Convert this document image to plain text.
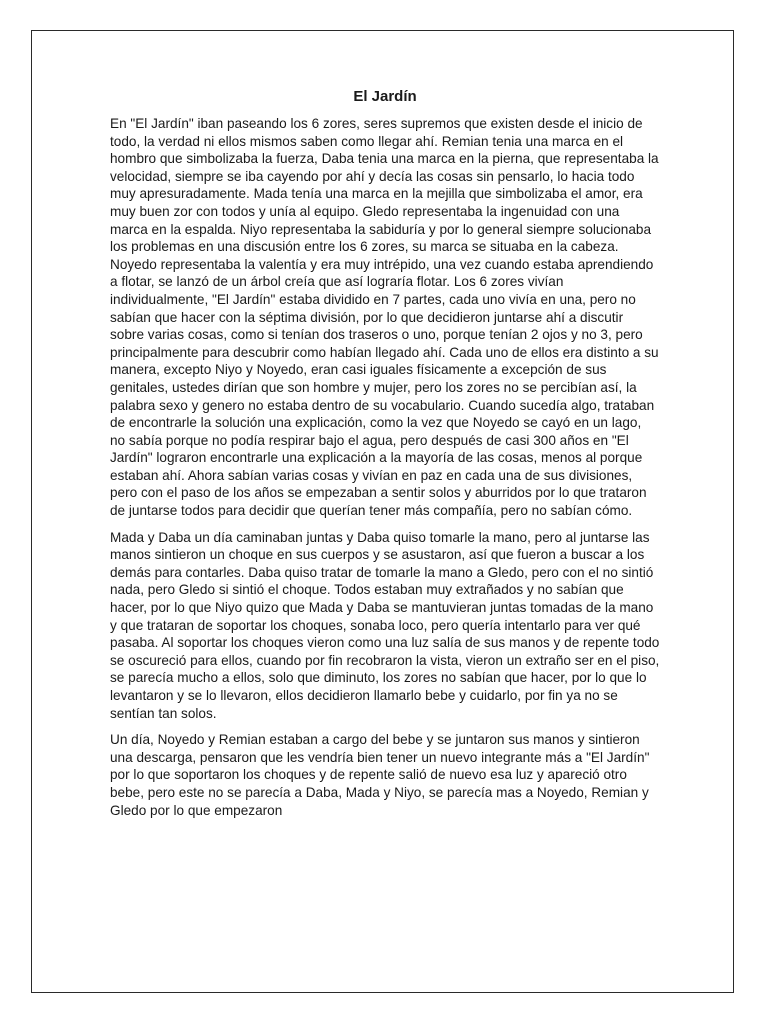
El Jardín

En "El Jardín" iban paseando los 6 zores, seres supremos que existen desde el inicio de todo, la verdad ni ellos mismos saben como llegar ahí. Remian tenia una marca en el hombro que simbolizaba la fuerza, Daba tenia una marca en la pierna, que representaba la velocidad, siempre se iba cayendo por ahí y decía las cosas sin pensarlo, lo hacia todo muy apresuradamente. Mada tenía una marca en la mejilla que simbolizaba el amor, era muy buen zor con todos y unía al equipo. Gledo representaba la ingenuidad con una marca en la espalda. Niyo representaba la sabiduría y por lo general siempre solucionaba los problemas en una discusión entre los 6 zores, su marca se situaba en la cabeza. Noyedo representaba la valentía y era muy intrépido, una vez cuando estaba aprendiendo a flotar, se lanzó de un árbol creía que así lograría flotar. Los 6 zores vivían individualmente, "El Jardín" estaba dividido en 7 partes, cada uno vivía en una, pero no sabían que hacer con la séptima división, por lo que decidieron juntarse ahí a discutir sobre varias cosas, como si tenían dos traseros o uno, porque tenían 2 ojos y no 3, pero principalmente para descubrir como habían llegado ahí. Cada uno de ellos era distinto a su manera, excepto Niyo y Noyedo, eran casi iguales físicamente a excepción de sus genitales, ustedes dirían que son hombre y mujer, pero los zores no se percibían así, la palabra sexo y genero no estaba dentro de su vocabulario. Cuando sucedía algo, trataban de encontrarle la solución una explicación, como la vez que Noyedo se cayó en un lago, no sabía porque no podía respirar bajo el agua, pero después de casi 300 años en "El Jardín" lograron encontrarle una explicación a la mayoría de las cosas, menos al porque estaban ahí. Ahora sabían varias cosas y vivían en paz en cada una de sus divisiones, pero con el paso de los años se empezaban a sentir solos y aburridos por lo que trataron de juntarse todos para decidir que querían tener más compañía, pero no sabían cómo.

Mada y Daba un día caminaban juntas y Daba quiso tomarle la mano, pero al juntarse las manos sintieron un choque en sus cuerpos y se asustaron, así que fueron a buscar a los demás para contarles. Daba quiso tratar de tomarle la mano a Gledo, pero con el no sintió nada, pero Gledo si sintió el choque. Todos estaban muy extrañados y no sabían que hacer, por lo que Niyo quizo que Mada y Daba se mantuvieran juntas tomadas de la mano y que trataran de soportar los choques, sonaba loco, pero quería intentarlo para ver qué pasaba. Al soportar los choques vieron como una luz salía de sus manos y de repente todo se oscureció para ellos, cuando por fin recobraron la vista, vieron un extraño ser en el piso, se parecía mucho a ellos, solo que diminuto, los zores no sabían que hacer, por lo que lo levantaron y se lo llevaron, ellos decidieron llamarlo bebe y cuidarlo, por fin ya no se sentían tan solos.

Un día, Noyedo y Remian estaban a cargo del bebe y se juntaron sus manos y sintieron una descarga, pensaron que les vendría bien tener un nuevo integrante más a "El Jardín" por lo que soportaron los choques y de repente salió de nuevo esa luz y apareció otro bebe, pero este no se parecía a Daba, Mada y Niyo, se parecía mas a Noyedo, Remian y Gledo por lo que empezaron
